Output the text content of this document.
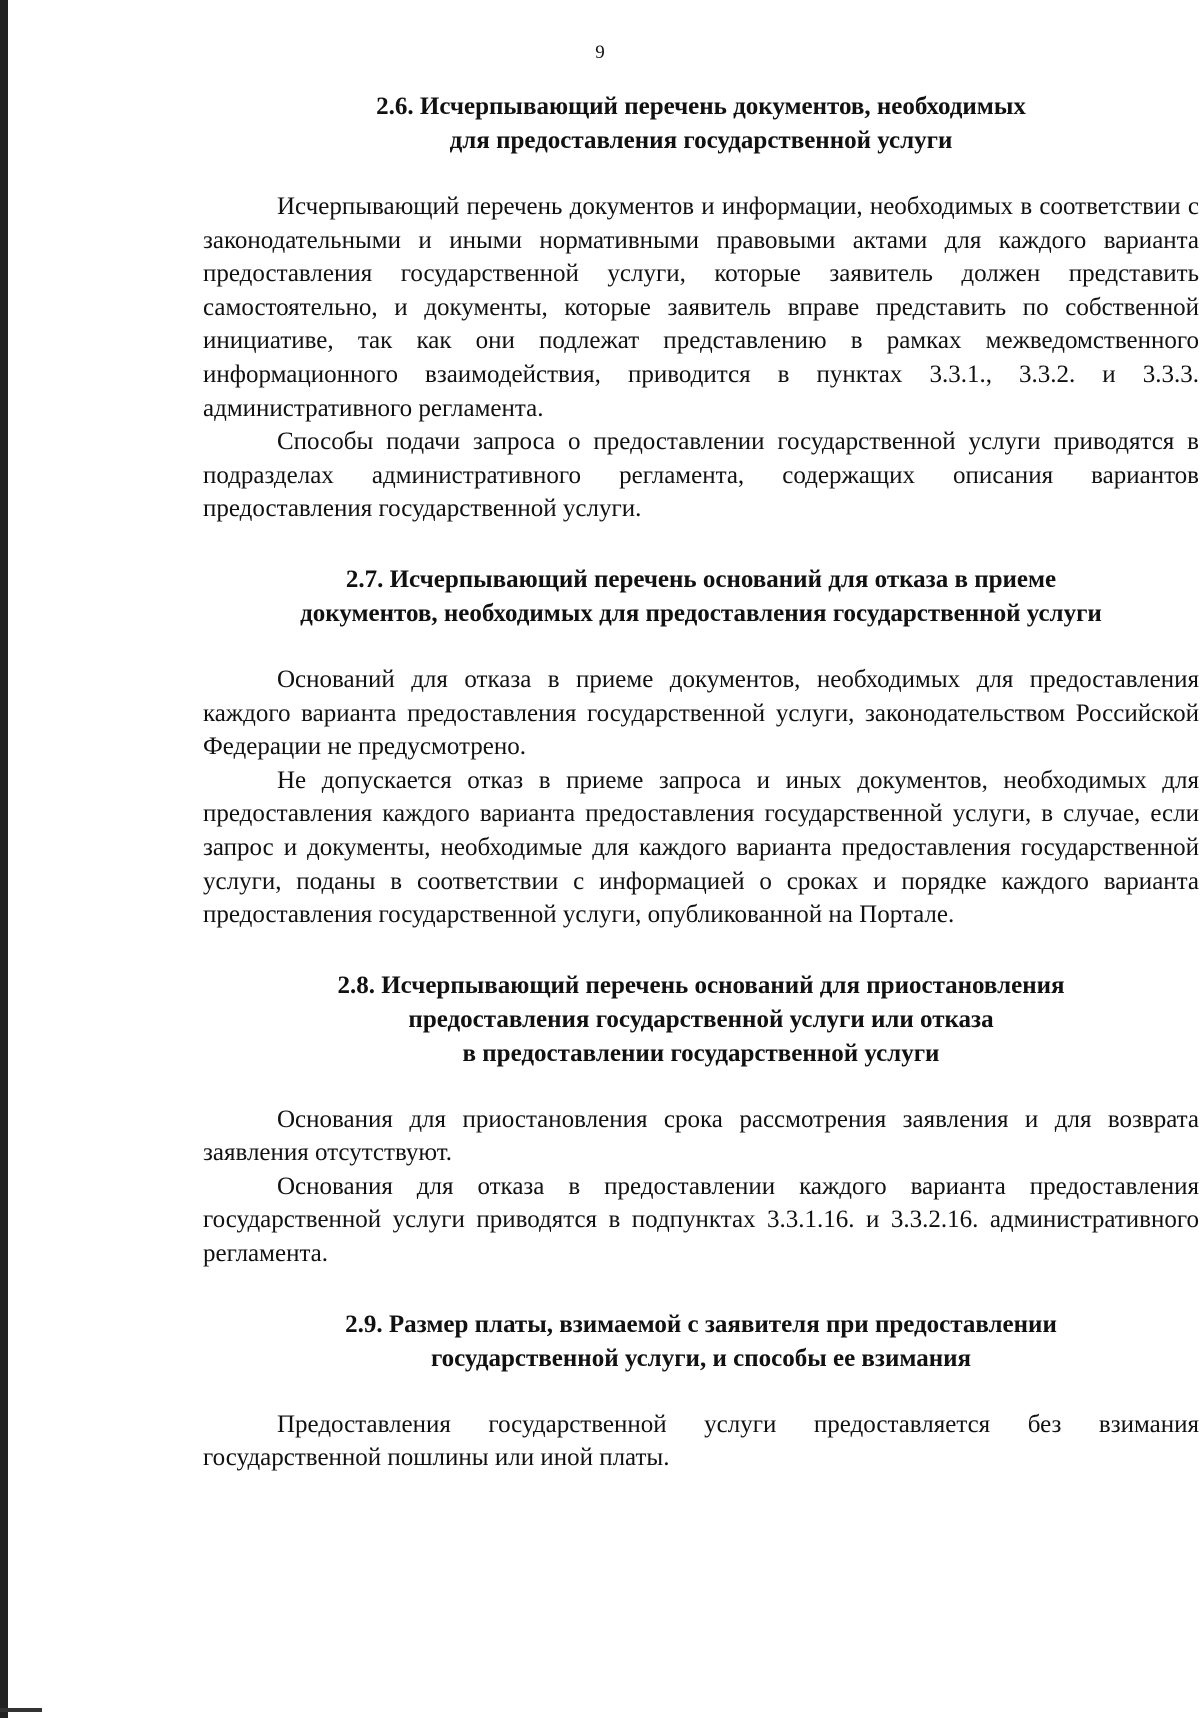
9
2.6. Исчерпывающий перечень документов, необходимых
для предоставления государственной услуги

Исчерпывающий перечень документов и информации, необходимых в соответствии с законодательными и иными нормативными правовыми актами для каждого варианта предоставления государственной услуги, которые заявитель должен представить самостоятельно, и документы, которые заявитель вправе представить по собственной инициативе, так как они подлежат представлению в рамках межведомственного информационного взаимодействия, приводится в пунктах 3.3.1., 3.3.2. и 3.3.3. административного регламента.

Способы подачи запроса о предоставлении государственной услуги приводятся в подразделах административного регламента, содержащих описания вариантов предоставления государственной услуги.

2.7. Исчерпывающий перечень оснований для отказа в приеме
документов, необходимых для предоставления государственной услуги

Оснований для отказа в приеме документов, необходимых для предоставления каждого варианта предоставления государственной услуги, законодательством Российской Федерации не предусмотрено.

Не допускается отказ в приеме запроса и иных документов, необходимых для предоставления каждого варианта предоставления государственной услуги, в случае, если запрос и документы, необходимые для каждого варианта предоставления государственной услуги, поданы в соответствии с информацией о сроках и порядке каждого варианта предоставления государственной услуги, опубликованной на Портале.

2.8. Исчерпывающий перечень оснований для приостановления
предоставления государственной услуги или отказа
в предоставлении государственной услуги

Основания для приостановления срока рассмотрения заявления и для возврата заявления отсутствуют.

Основания для отказа в предоставлении каждого варианта предоставления государственной услуги приводятся в подпунктах 3.3.1.16. и 3.3.2.16. административного регламента.

2.9. Размер платы, взимаемой с заявителя при предоставлении
государственной услуги, и способы ее взимания

Предоставления государственной услуги предоставляется без взимания государственной пошлины или иной платы.
